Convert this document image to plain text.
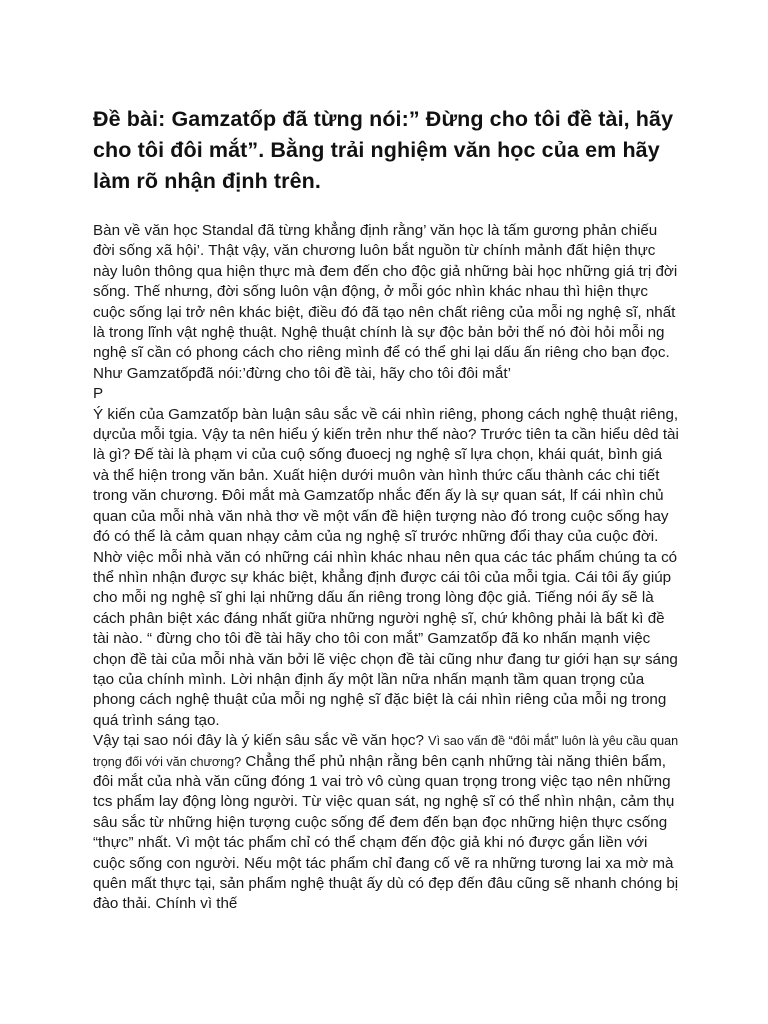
Đề bài: Gamzatốp đã từng nói:” Đừng cho tôi đề tài, hãy cho tôi đôi mắt”. Bằng trải nghiệm văn học của em hãy làm rõ nhận định trên.

Bàn về văn học Standal đã từng khẳng định rằng’ văn học là tấm gương phản chiếu đời sống xã hội’. Thật vậy, văn chương luôn bắt nguồn từ chính mảnh đất hiện thực này luôn thông qua hiện thực mà đem đến cho độc giả những bài học những giá trị đời sống. Thế nhưng, đời sống luôn vận động, ở mỗi góc nhìn khác nhau thì hiện thực cuộc sống lại trở nên khác biệt, điều đó đã tạo nên chất riêng của mỗi ng nghệ sĩ, nhất là trong lĩnh vật nghệ thuật. Nghệ thuật chính là sự độc bản bởi thế nó đòi hỏi mỗi ng nghệ sĩ cần có phong cách cho riêng mình để có thể ghi lại dấu ấn riêng cho bạn đọc. Như Gamzatốpđã nói:’đừng cho tôi đề tài, hãy cho tôi đôi mắt’

P

Ý kiến của Gamzatốp bàn luận sâu sắc về cái nhìn riêng, phong cách nghệ thuật riêng, dựcủa mỗi tgia. Vậy ta nên hiểu ý kiến trẻn như thế nào? Trước tiên ta cần hiểu dêd tài là gì? Đế tài là phạm vi của cuộ sống đuoecj ng nghệ sĩ lựa chọn, khái quát, bình giá và thể hiện trong văn bản. Xuất hiện dưới muôn vàn hình thức cấu thành các chi tiết trong văn chương. Đôi mắt mà Gamzatốp nhắc đến ấy là sự quan sát, lf cái nhìn chủ quan của mỗi nhà văn nhà thơ về một vấn đề hiện tượng nào đó trong cuộc sống hay đó có thể là cảm quan nhạy cảm của ng nghệ sĩ trước những đổi thay của cuộc đời. Nhờ việc mỗi nhà văn có những cái nhìn khác nhau nên qua các tác phẩm chúng ta có thể nhìn nhận được sự khác biệt, khẳng định được cái tôi của mỗi tgia. Cái tôi ấy giúp cho mỗi ng nghệ sĩ ghi lại những dấu ấn riêng trong lòng độc giả. Tiếng nói ấy sẽ là cách phân biệt xác đáng nhất giữa những người nghệ sĩ, chứ không phải là bất kì đề tài nào. “ đừng cho tôi đề tài hãy cho tôi con mắt” Gamzatốp đã ko nhấn mạnh việc chọn đề tài của mỗi nhà văn bởi lẽ việc chọn đề tài cũng như đang tư giới hạn sự sáng tạo của chính mình. Lời nhận định ấy một lần nữa nhấn mạnh tầm quan trọng của phong cách nghệ thuật của mỗi ng nghệ sĩ đặc biệt là cái nhìn riêng của mỗi ng trong quá trình sáng tạo.

Vậy tại sao nói đây là ý kiến sâu sắc về văn học? Vì sao vấn đề “đôi mắt” luôn là yêu cầu quan trọng đối với văn chương? Chẳng thể phủ nhận rằng bên cạnh những tài năng thiên bẩm, đôi mắt của nhà văn cũng đóng 1 vai trò vô cùng quan trọng trong việc tạo nên những tcs phẩm lay động lòng người. Từ việc quan sát, ng nghệ sĩ có thể nhìn nhận, cảm thụ sâu sắc từ những hiện tượng cuộc sống để đem đến bạn đọc những hiện thực csống “thực” nhất. Vì một tác phẩm chỉ có thể chạm đến độc giả khi nó được gắn liền với cuộc sống con người. Nếu một tác phẩm chỉ đang cố vẽ ra những tương lai xa mờ mà quên mất thực tại, sản phẩm nghệ thuật ấy dù có đẹp đến đâu cũng sẽ nhanh chóng bị đào thải. Chính vì thế
